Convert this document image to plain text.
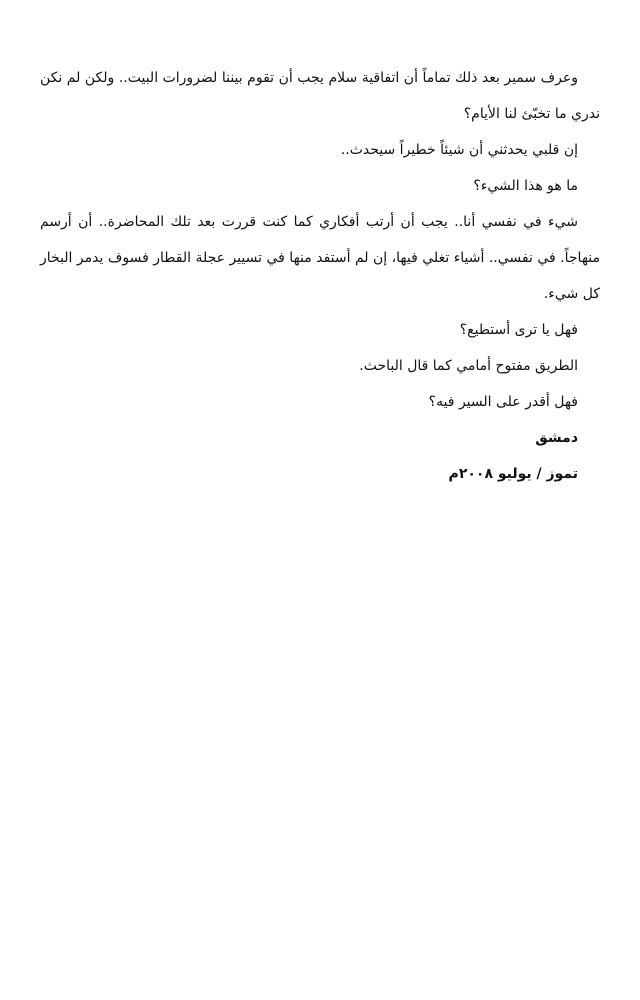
وعرف سمير بعد ذلك تماماً أن اتفاقية سلام يجب أن تقوم بيننا لضرورات البيت.. ولكن لم نكن ندري ما تخبّئ لنا الأيام؟

إن قلبي يحدثني أن شيئاً خطيراً سيحدث..

ما هو هذا الشيء؟

شيء في نفسي أنا.. يجب أن أرتب أفكاري كما كنت قررت بعد تلك المحاضرة.. أن أرسم منهاجاً. في نفسي.. أشياء تغلي فيها، إن لم أستفد منها في تسيير عجلة القطار فسوف يدمر البخار كل شيء.

فهل يا ترى أستطيع؟

الطريق مفتوح أمامي كما قال الباحث.

فهل أقدر على السير فيه؟

دمشق

تموز / يوليو ٢٠٠٨م
